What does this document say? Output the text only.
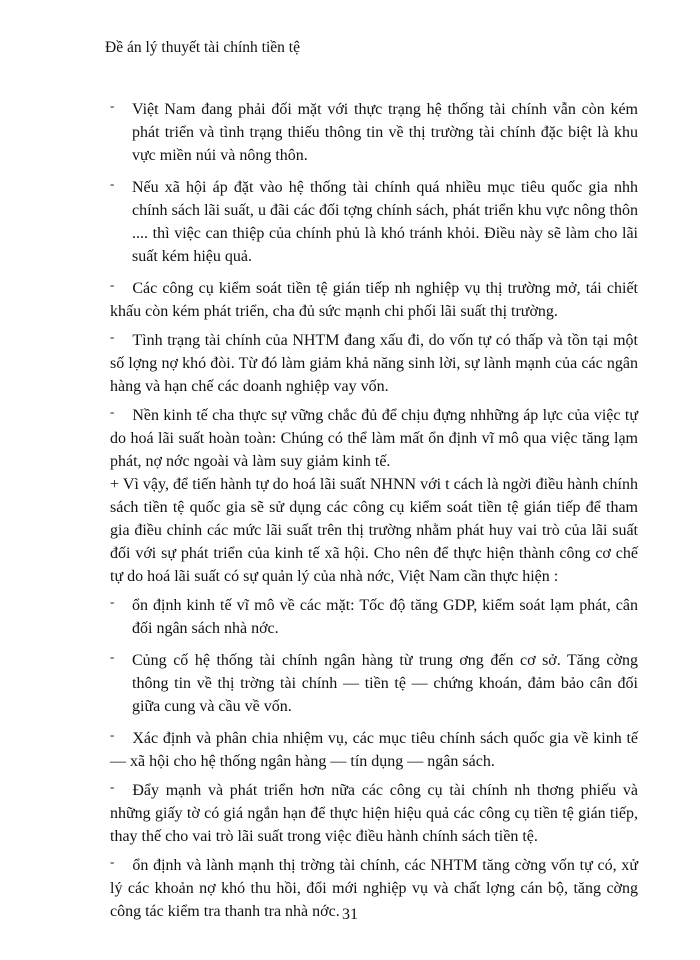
Đề án lý thuyết tài chính tiền tệ
- Việt Nam đang phải đối mặt với thực trạng hệ thống tài chính vẫn còn kém phát triển và tình trạng thiếu thông tin về thị trường tài chính đặc biệt là khu vực miền núi và nông thôn.
- Nếu xã hội áp đặt vào hệ thống tài chính quá nhiều mục tiêu quốc gia nhh chính sách lãi suất, u đãi các đối tợng chính sách, phát triển khu vực nông thôn .... thì việc can thiệp của chính phủ là khó tránh khỏi. Điều này sẽ làm cho lãi suất kém hiệu quả.

- Các công cụ kiểm soát tiền tệ gián tiếp nh nghiệp vụ thị trường mở, tái chiết khấu còn kém phát triển, cha đủ sức mạnh chi phối lãi suất thị trường.

- Tình trạng tài chính của NHTM đang xấu đi, do vốn tự có thấp và tồn tại một số lợng nợ khó đòi. Từ đó làm giảm khả năng sinh lời, sự lành mạnh của các ngân hàng và hạn chế các doanh nghiệp vay vốn.

- Nền kinh tế cha thực sự vững chắc đủ để chịu đựng nhhững áp lực của việc tự do hoá lãi suất hoàn toàn: Chúng có thể làm mất ổn định vĩ mô qua việc tăng lạm phát, nợ nớc ngoài và làm suy giảm kinh tế.

+ Vì vậy, để tiến hành tự do hoá lãi suất NHNN với t cách là ngời điều hành chính sách tiền tệ quốc gia sẽ sử dụng các công cụ kiểm soát tiền tệ gián tiếp để tham gia điều chỉnh các mức lãi suất trên thị trường nhằm phát huy vai trò của lãi suất đối với sự phát triển của kinh tế xã hội. Cho nên để thực hiện thành công cơ chế tự do hoá lãi suất có sự quản lý của nhà nớc, Việt Nam cần thực hiện :

- ổn định kinh tế vĩ mô về các mặt: Tốc độ tăng GDP, kiểm soát lạm phát, cân đối ngân sách nhà nớc.
- Củng cố hệ thống tài chính ngân hàng từ trung ơng đến cơ sở. Tăng cờng thông tin về thị trờng tài chính — tiền tệ — chứng khoán, đảm bảo cân đối giữa cung và cầu về vốn.

- Xác định và phân chia nhiệm vụ, các mục tiêu chính sách quốc gia về kinh tế — xã hội cho hệ thống ngân hàng — tín dụng — ngân sách.

- Đẩy mạnh và phát triển hơn nữa các công cụ tài chính nh thơng phiếu và những giấy tờ có giá ngắn hạn để thực hiện hiệu quả các công cụ tiền tệ gián tiếp, thay thế cho vai trò lãi suất trong việc điều hành chính sách tiền tệ.

- ổn định và lành mạnh thị trờng tài chính, các NHTM tăng cờng vốn tự có, xử lý các khoản nợ khó thu hồi, đổi mới nghiệp vụ và chất lợng cán bộ, tăng cờng công tác kiểm tra thanh tra nhà nớc. 31
